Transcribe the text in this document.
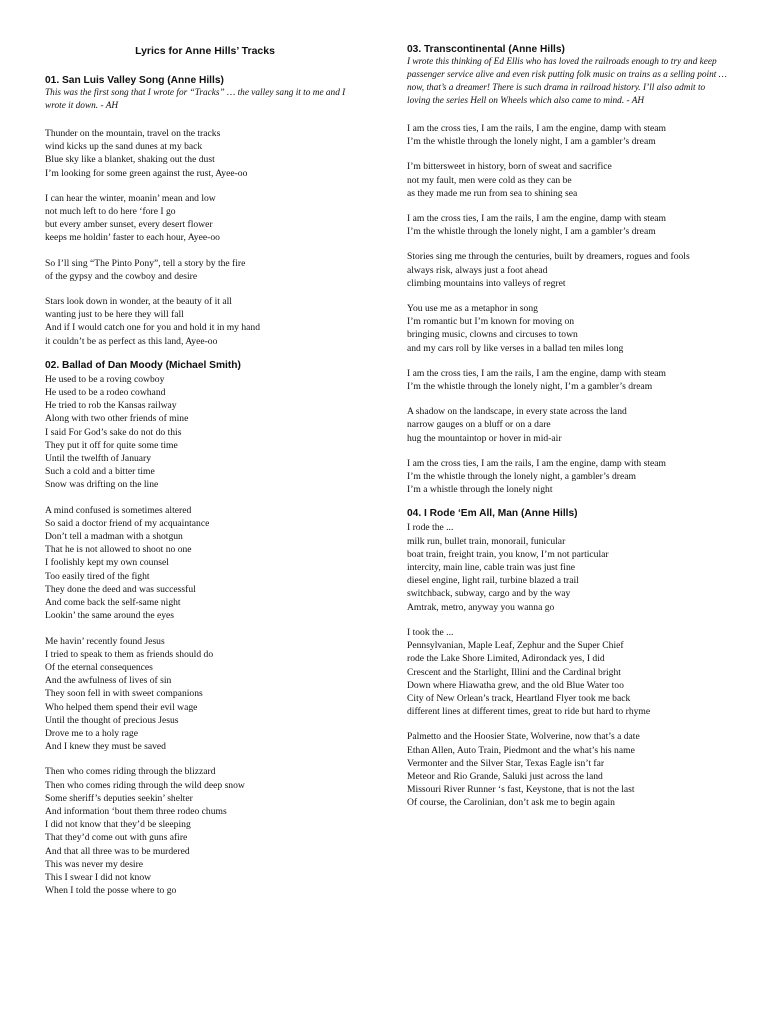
Lyrics for Anne Hills’ Tracks
01. San Luis Valley Song (Anne Hills)
This was the first song that I wrote for “Tracks” … the valley sang it to me and I
wrote it down. - AH
Thunder on the mountain, travel on the tracks
wind kicks up the sand dunes at my back
Blue sky like a blanket, shaking out the dust
I’m looking for some green against the rust, Ayee-oo
I can hear the winter, moanin’ mean and low
not much left to do here ‘fore I go
but every amber sunset, every desert flower
keeps me holdin’ faster to each hour, Ayee-oo
So I’ll sing “The Pinto Pony”, tell a story by the fire
of the gypsy and the cowboy and desire
Stars look down in wonder, at the beauty of it all
wanting just to be here they will fall
And if I would catch one for you and hold it in my hand
it couldn’t be as perfect as this land, Ayee-oo
02. Ballad of Dan Moody (Michael Smith)
He used to be a roving cowboy
He used to be a rodeo cowhand
He tried to rob the Kansas railway
Along with two other friends of mine
I said For God’s sake do not do this
They put it off for quite some time
Until the twelfth of January
Such a cold and a bitter time
Snow was drifting on the line
A mind confused is sometimes altered
So said a doctor friend of my acquaintance
Don’t tell a madman with a shotgun
That he is not allowed to shoot no one
I foolishly kept my own counsel
Too easily tired of the fight
They done the deed and was successful
And come back the self-same night
Lookin’ the same around the eyes
Me havin’ recently found Jesus
I tried to speak to them as friends should do
Of the eternal consequences
And the awfulness of lives of sin
They soon fell in with sweet companions
Who helped them spend their evil wage
Until the thought of precious Jesus
Drove me to a holy rage
And I knew they must be saved
Then who comes riding through the blizzard
Then who comes riding through the wild deep snow
Some sheriff’s deputies seekin’ shelter
And information ‘bout them three rodeo chums
I did not know that they’d be sleeping
That they’d come out with guns afire
And that all three was to be murdered
This was never my desire
This I swear I did not know
When I told the posse where to go
03. Transcontinental (Anne Hills)
I wrote this thinking of Ed Ellis who has loved the railroads enough to try and keep
passenger service alive and even risk putting folk music on trains as a selling point …
now, that’s a dreamer! There is such drama in railroad history. I’ll also admit to
loving the series Hell on Wheels which also came to mind. - AH
I am the cross ties, I am the rails, I am the engine, damp with steam
I’m the whistle through the lonely night, I am a gambler’s dream
I’m bittersweet in history, born of sweat and sacrifice
not my fault, men were cold as they can be
as they made me run from sea to shining sea
I am the cross ties, I am the rails, I am the engine, damp with steam
I’m the whistle through the lonely night, I am a gambler’s dream
Stories sing me through the centuries, built by dreamers, rogues and fools
always risk, always just a foot ahead
climbing mountains into valleys of regret
You use me as a metaphor in song
I’m romantic but I’m known for moving on
bringing music, clowns and circuses to town
and my cars roll by like verses in a ballad ten miles long
I am the cross ties, I am the rails, I am the engine, damp with steam
I’m the whistle through the lonely night, I’m a gambler’s dream
A shadow on the landscape, in every state across the land
narrow gauges on a bluff or on a dare
hug the mountaintop or hover in mid-air
I am the cross ties, I am the rails, I am the engine, damp with steam
I’m the whistle through the lonely night, a gambler’s dream
I’m a whistle through the lonely night
04. I Rode ‘Em All, Man (Anne Hills)
I rode the ...
milk run, bullet train, monorail, funicular
boat train, freight train, you know, I’m not particular
intercity, main line, cable train was just fine
diesel engine, light rail, turbine blazed a trail
switchback, subway, cargo and by the way
Amtrak, metro, anyway you wanna go
I took the ...
Pennsylvanian, Maple Leaf, Zephur and the Super Chief
rode the Lake Shore Limited, Adirondack yes, I did
Crescent and the Starlight, Illini and the Cardinal bright
Down where Hiawatha grew, and the old Blue Water too
City of New Orlean’s track, Heartland Flyer took me back
different lines at different times, great to ride but hard to rhyme
Palmetto and the Hoosier State, Wolverine, now that’s a date
Ethan Allen, Auto Train, Piedmont and the what’s his name
Vermonter and the Silver Star, Texas Eagle isn’t far
Meteor and Rio Grande, Saluki just across the land
Missouri River Runner ‘s fast, Keystone, that is not the last
Of course, the Carolinian, don’t ask me to begin again
